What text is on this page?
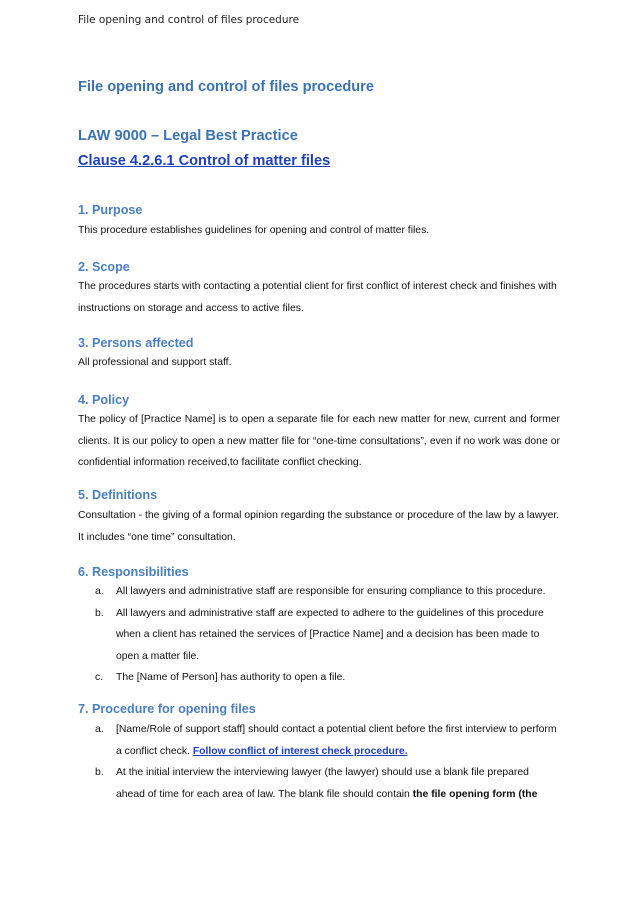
File opening and control of files procedure
File opening and control of files procedure
LAW 9000 – Legal Best Practice
Clause 4.2.6.1 Control of matter files
1. Purpose
This procedure establishes guidelines for opening and control of matter files.
2. Scope
The procedures starts with contacting a potential client for first conflict of interest check and finishes with instructions on storage and access to active files.
3. Persons affected
All professional and support staff.
4. Policy
The policy of [Practice Name] is to open a separate file for each new matter for new, current and former clients. It is our policy to open a new matter file for “one-time consultations”, even if no work was done or confidential information received,to facilitate conflict checking.
5. Definitions
Consultation - the giving of a formal opinion regarding the substance or procedure of the law by a lawyer. It includes “one time” consultation.
6. Responsibilities
a. All lawyers and administrative staff are responsible for ensuring compliance to this procedure.
b. All lawyers and administrative staff are expected to adhere to the guidelines of this procedure when a client has retained the services of [Practice Name] and a decision has been made to open a matter file.
c. The [Name of Person] has authority to open a file.
7. Procedure for opening files
a. [Name/Role of support staff] should contact a potential client before the first interview to perform a conflict check. Follow conflict of interest check procedure.
b. At the initial interview the interviewing lawyer (the lawyer) should use a blank file prepared ahead of time for each area of law. The blank file should contain the file opening form (the
